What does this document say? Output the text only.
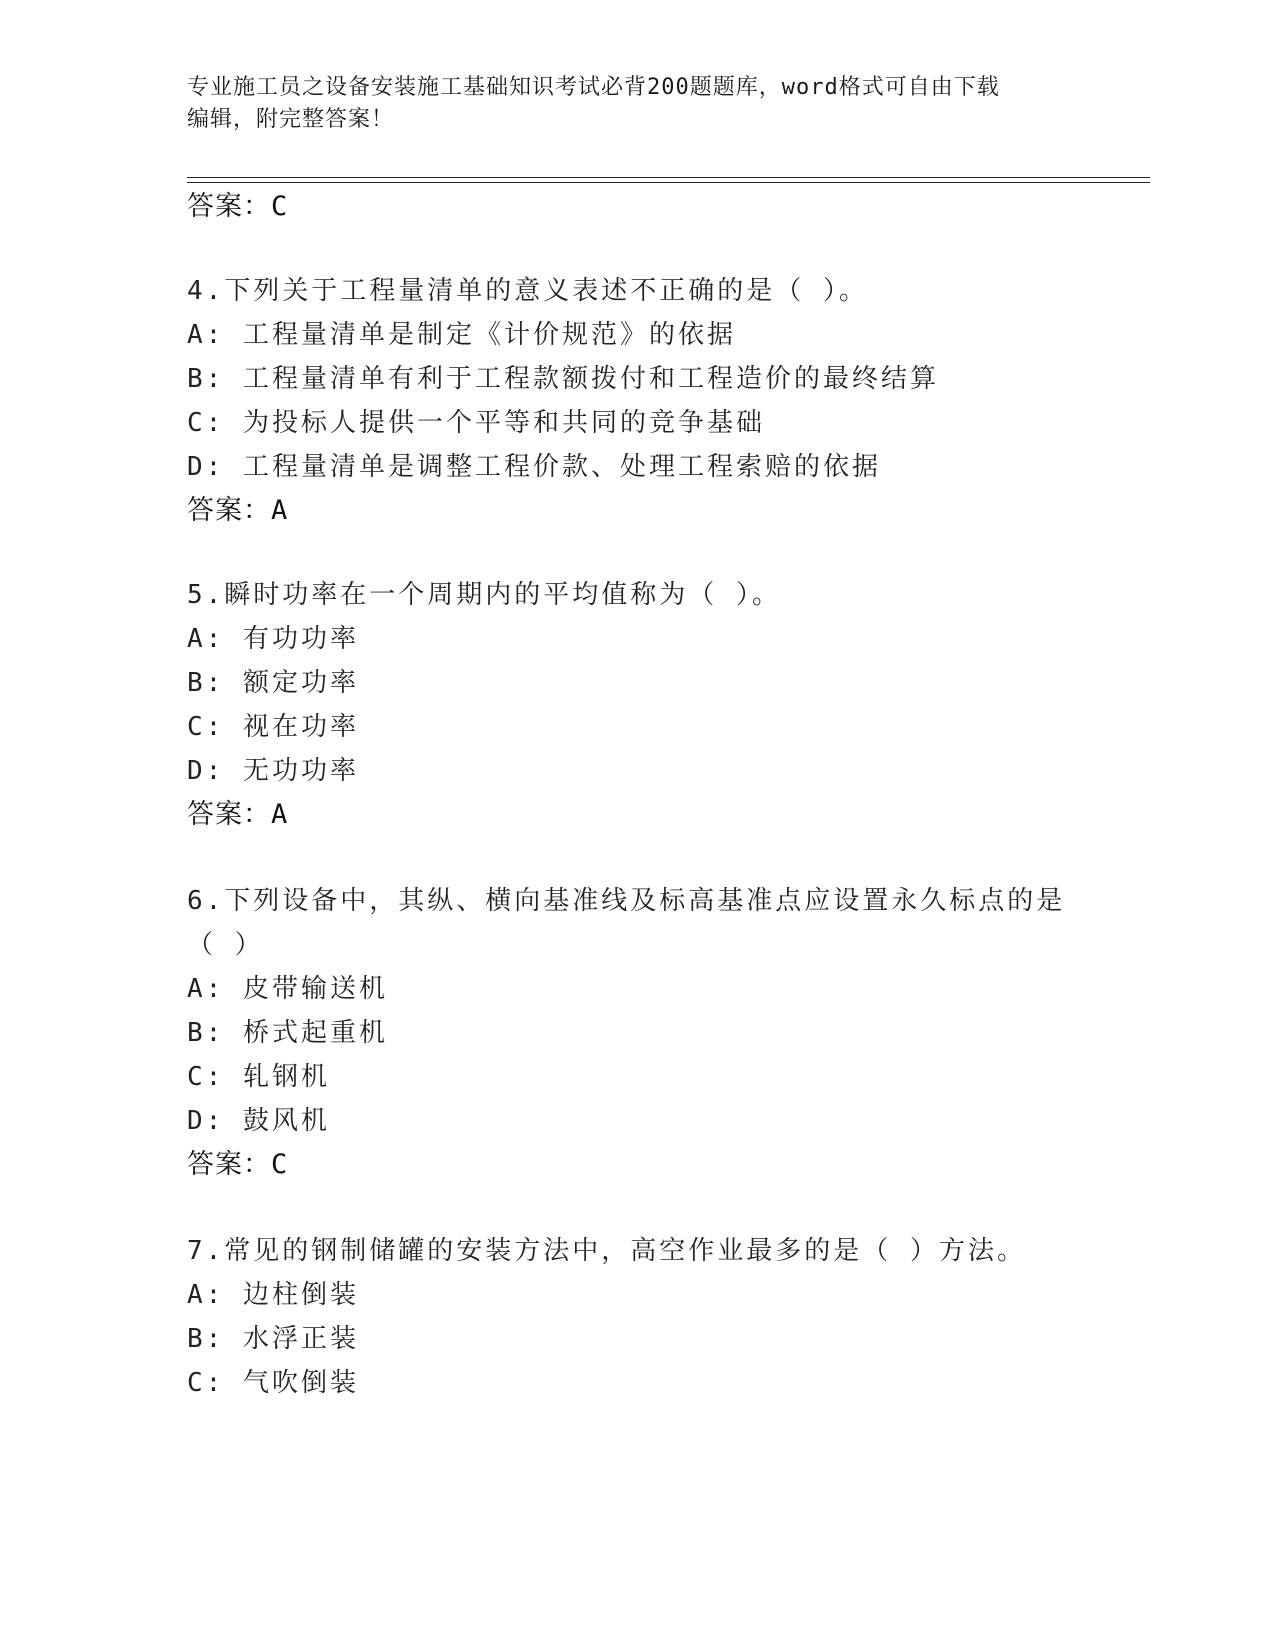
专业施工员之设备安装施工基础知识考试必背200题题库，word格式可自由下载
编辑，附完整答案！
答案：C
4.下列关于工程量清单的意义表述不正确的是（ ）。
A: 工程量清单是制定《计价规范》的依据
B: 工程量清单有利于工程款额拨付和工程造价的最终结算
C: 为投标人提供一个平等和共同的竞争基础
D: 工程量清单是调整工程价款、处理工程索赔的依据
答案：A
5.瞬时功率在一个周期内的平均值称为（ ）。
A: 有功功率
B: 额定功率
C: 视在功率
D: 无功功率
答案：A
6.下列设备中，其纵、横向基准线及标高基准点应设置永久标点的是
（ ）
A: 皮带输送机
B: 桥式起重机
C: 轧钢机
D: 鼓风机
答案：C
7.常见的钢制储罐的安装方法中，高空作业最多的是（ ）方法。
A: 边柱倒装
B: 水浮正装
C: 气吹倒装
